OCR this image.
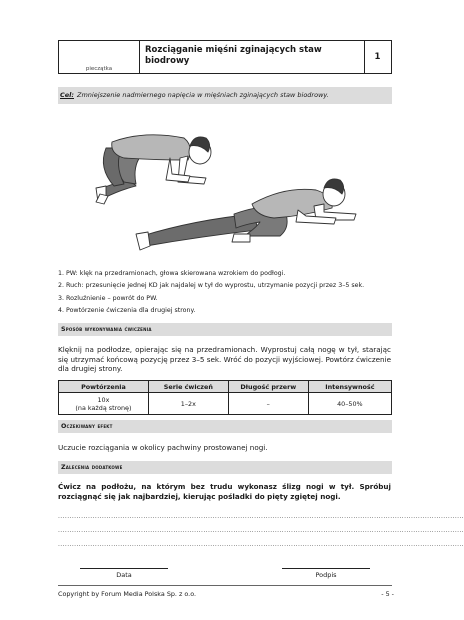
pieczątka
Rozciąganie mięśni zginających staw biodrowy	1
Cel: Zmniejszenie nadmiernego napięcia w mięśniach zginających staw biodrowy.
1. PW: klęk na przedramionach, głowa skierowana wzrokiem do podłogi.
2. Ruch: przesunięcie jednej KD jak najdalej w tył do wyprostu, utrzymanie pozycji przez 3–5 sek.
3. Rozluźnienie – powrót do PW.
4. Powtórzenie ćwiczenia dla drugiej strony.
Sposób wykonywania ćwiczenia
Klęknij na podłodze, opierając się na przedramionach. Wyprostuj całą nogę w tył, starając się utrzymać końcową pozycję przez 3–5 sek. Wróć do pozycji wyjściowej. Powtórz ćwiczenie dla drugiej strony.
Powtórzenia	Serie ćwiczeń	Długość przerw	Intensywność
10x
(na każdą stronę)	1–2x	–	40–50%
Oczekiwany efekt
Uczucie rozciągania w okolicy pachwiny prostowanej nogi.
Zalecenia dodatkowe
Ćwicz na podłożu, na którym bez trudu wykonasz ślizg nogi w tył. Spróbuj rozciągnąć się jak najbardziej, kierując pośladki do pięty zgiętej nogi.
................................................................................................................................................................................
................................................................................................................................................................................
................................................................................................................................................................................
Data	Podpis
Copyright by Forum Media Polska Sp. z o.o.	- 5 -
